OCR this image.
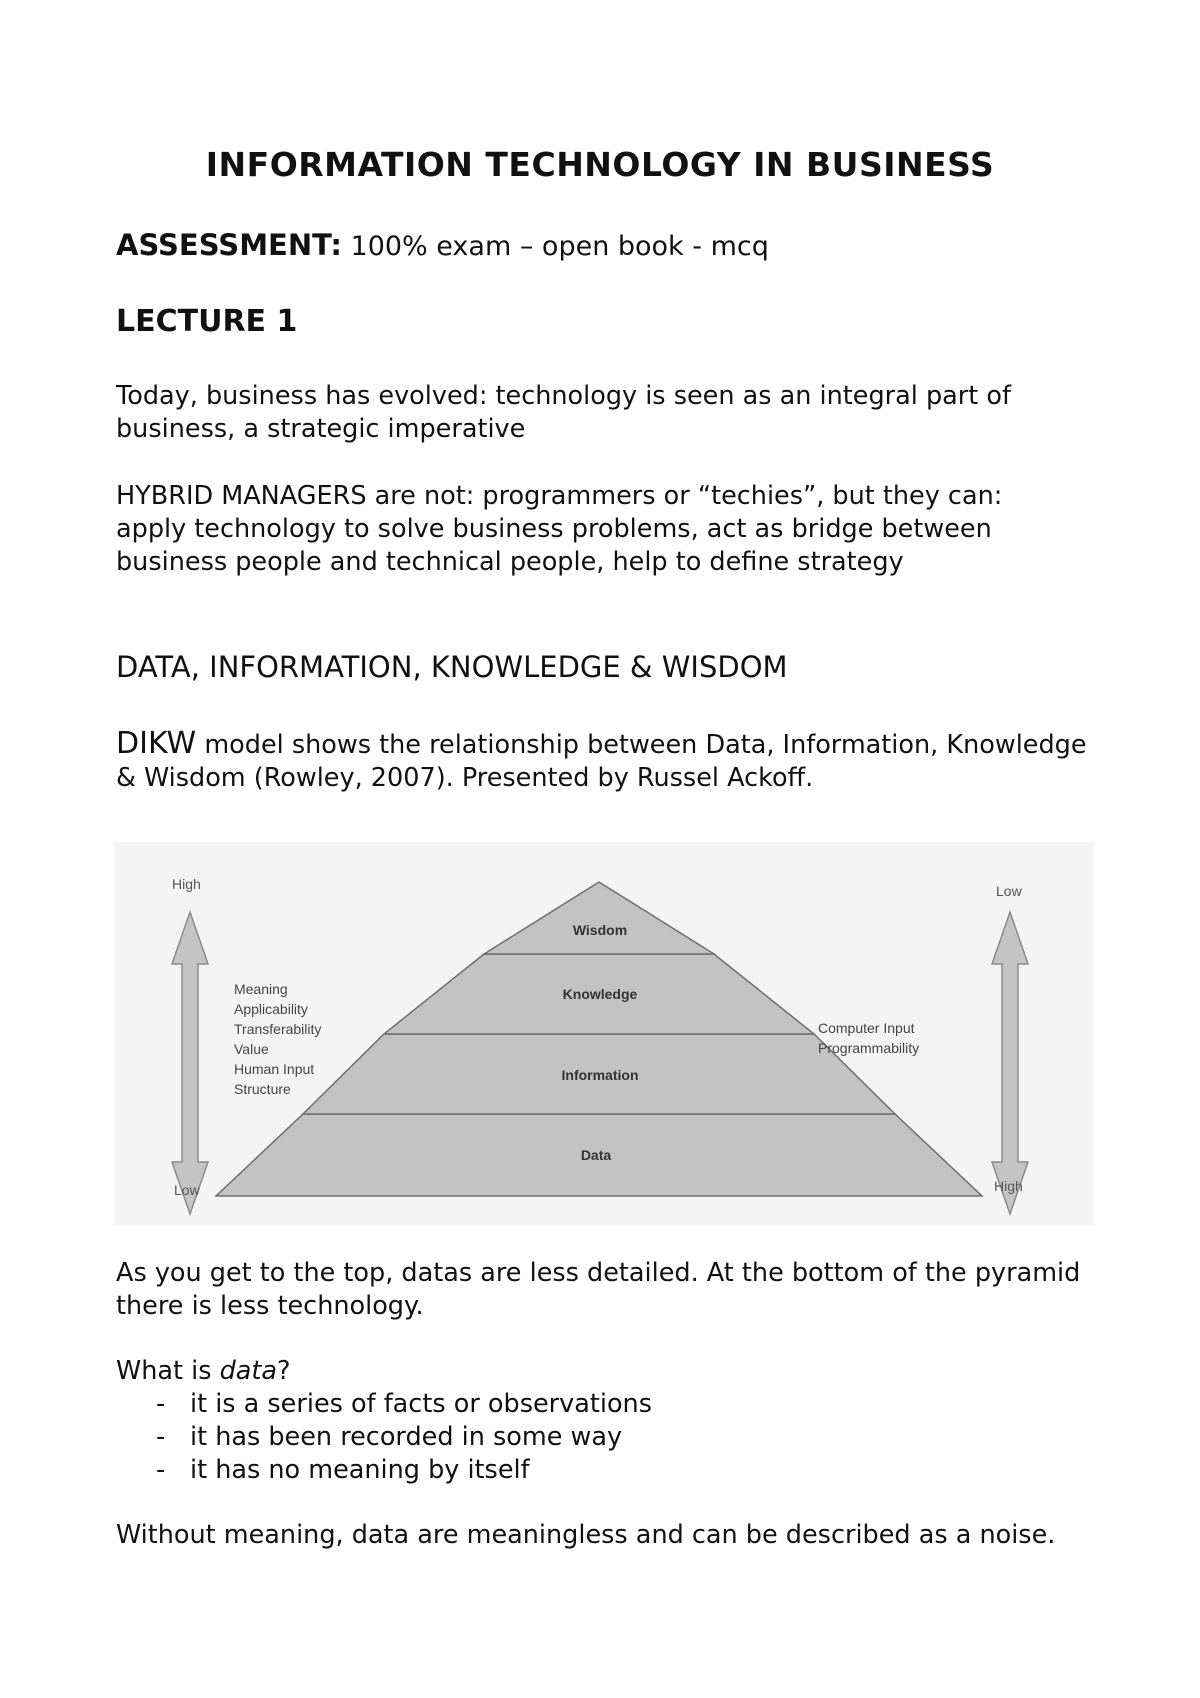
INFORMATION TECHNOLOGY IN BUSINESS

ASSESSMENT: 100% exam – open book - mcq

LECTURE 1

Today, business has evolved: technology is seen as an integral part of business, a strategic imperative

HYBRID MANAGERS are not: programmers or “techies”, but they can:
apply technology to solve business problems, act as bridge between business people and technical people, help to define strategy
DATA, INFORMATION, KNOWLEDGE & WISDOM

DIKW model shows the relationship between Data, Information, Knowledge & Wisdom (Rowley, 2007). Presented by Russel Ackoff.

Wisdom
Knowledge
Information
Data
High
Low
Low
High
Meaning
Applicability
Transferability
Value
Human Input
Structure
Computer Input
Programmability

As you get to the top, datas are less detailed. At the bottom of the pyramid there is less technology.

What is data?
- it is a series of facts or observations
- it has been recorded in some way
- it has no meaning by itself

Without meaning, data are meaningless and can be described as a noise.
